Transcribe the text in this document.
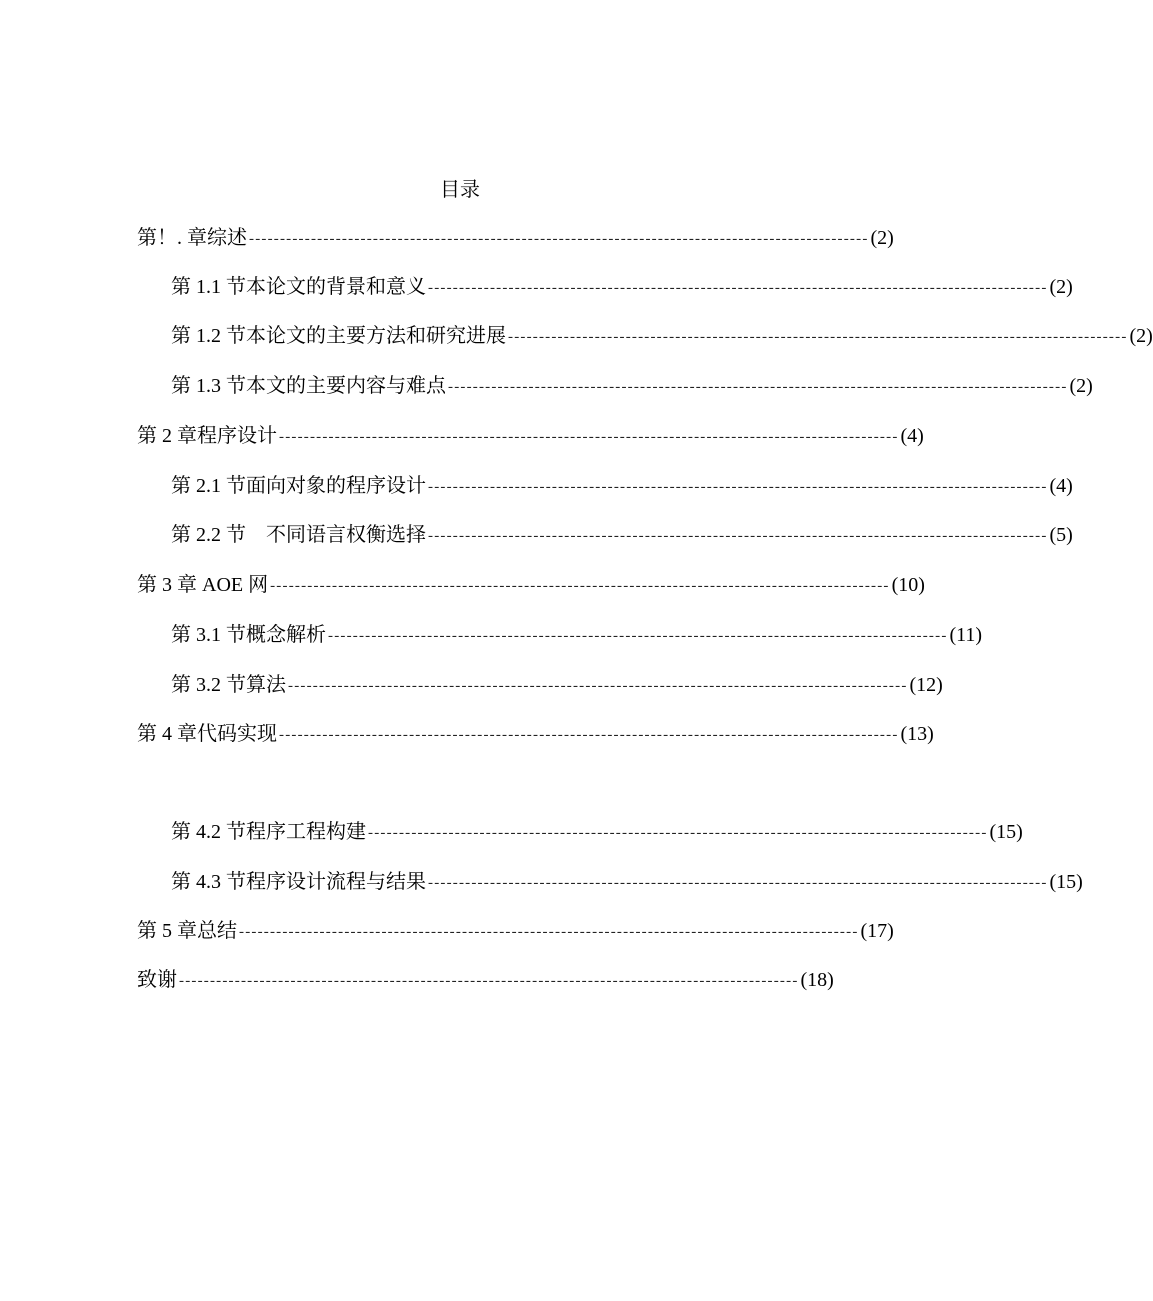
目录
第！. 章综述 ---------------------------------------------------------------------------------------------------- (2)
第 1.1 节本论文的背景和意义 ---------------------------------------------------------------------------------------------------- (2)
第 1.2 节本论文的主要方法和研究进展 ---------------------------------------------------------------------------------------------------- (2)
第 1.3 节本文的主要内容与难点 ---------------------------------------------------------------------------------------------------- (2)
第 2 章程序设计 ---------------------------------------------------------------------------------------------------- (4)
第 2.1 节面向对象的程序设计 ---------------------------------------------------------------------------------------------------- (4)
第 2.2 节　不同语言权衡选择 ---------------------------------------------------------------------------------------------------- (5)
第 3 章 AOE 网 ---------------------------------------------------------------------------------------------------- (10)
第 3.1 节概念解析 ---------------------------------------------------------------------------------------------------- (11)
第 3.2 节算法 ---------------------------------------------------------------------------------------------------- (12)
第 4 章代码实现 ---------------------------------------------------------------------------------------------------- (13)
第 4.2 节程序工程构建 ---------------------------------------------------------------------------------------------------- (15)
第 4.3 节程序设计流程与结果 ---------------------------------------------------------------------------------------------------- (15)
第 5 章总结 ---------------------------------------------------------------------------------------------------- (17)
致谢 ---------------------------------------------------------------------------------------------------- (18)
